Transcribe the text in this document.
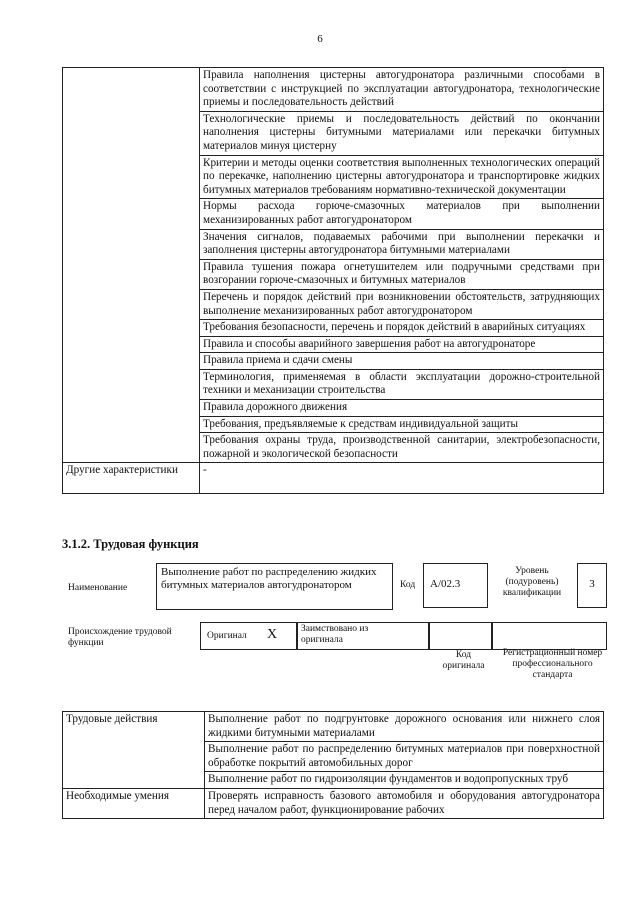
6
	Правила наполнения цистерны автогудронатора различными способами в соответствии с инструкцией по эксплуатации автогудронатора, технологические приемы и последовательность действий
	Технологические приемы и последовательность действий по окончании наполнения цистерны битумными материалами или перекачки битумных материалов минуя цистерну
	Критерии и методы оценки соответствия выполненных технологических операций по перекачке, наполнению цистерны автогудронатора и транспортировке жидких битумных материалов требованиям нормативно-технической документации
	Нормы расхода горюче-смазочных материалов при выполнении механизированных работ автогудронатором
	Значения сигналов, подаваемых рабочими при выполнении перекачки и заполнения цистерны автогудронатора битумными материалами
	Правила тушения пожара огнетушителем или подручными средствами при возгорании горюче-смазочных и битумных материалов
	Перечень и порядок действий при возникновении обстоятельств, затрудняющих выполнение механизированных работ автогудронатором
	Требования безопасности, перечень и порядок действий в аварийных ситуациях
	Правила и способы аварийного завершения работ на автогудронаторе
	Правила приема и сдачи смены
	Терминология, применяемая в области эксплуатации дорожно-строительной техники и механизации строительства
	Правила дорожного движения
	Требования, предъявляемые к средствам индивидуальной защиты
	Требования охраны труда, производственной санитарии, электробезопасности, пожарной и экологической безопасности
Другие характеристики	-
3.1.2. Трудовая функция
Наименование
Выполнение работ по распределению жидких битумных материалов автогудронатором	Код	A/02.3
Уровень (подуровень) квалификации
3
Происхождение трудовой функции
Оригинал X	Заимствовано из оригинала
Код оригинала
Регистрационный номер профессионального стандарта
Трудовые действия	Выполнение работ по подгрунтовке дорожного основания или нижнего слоя жидкими битумными материалами
	Выполнение работ по распределению битумных материалов при поверхностной обработке покрытий автомобильных дорог
	Выполнение работ по гидроизоляции фундаментов и водопропускных труб
Необходимые умения	Проверять исправность базового автомобиля и оборудования автогудронатора перед началом работ, функционирование рабочих
